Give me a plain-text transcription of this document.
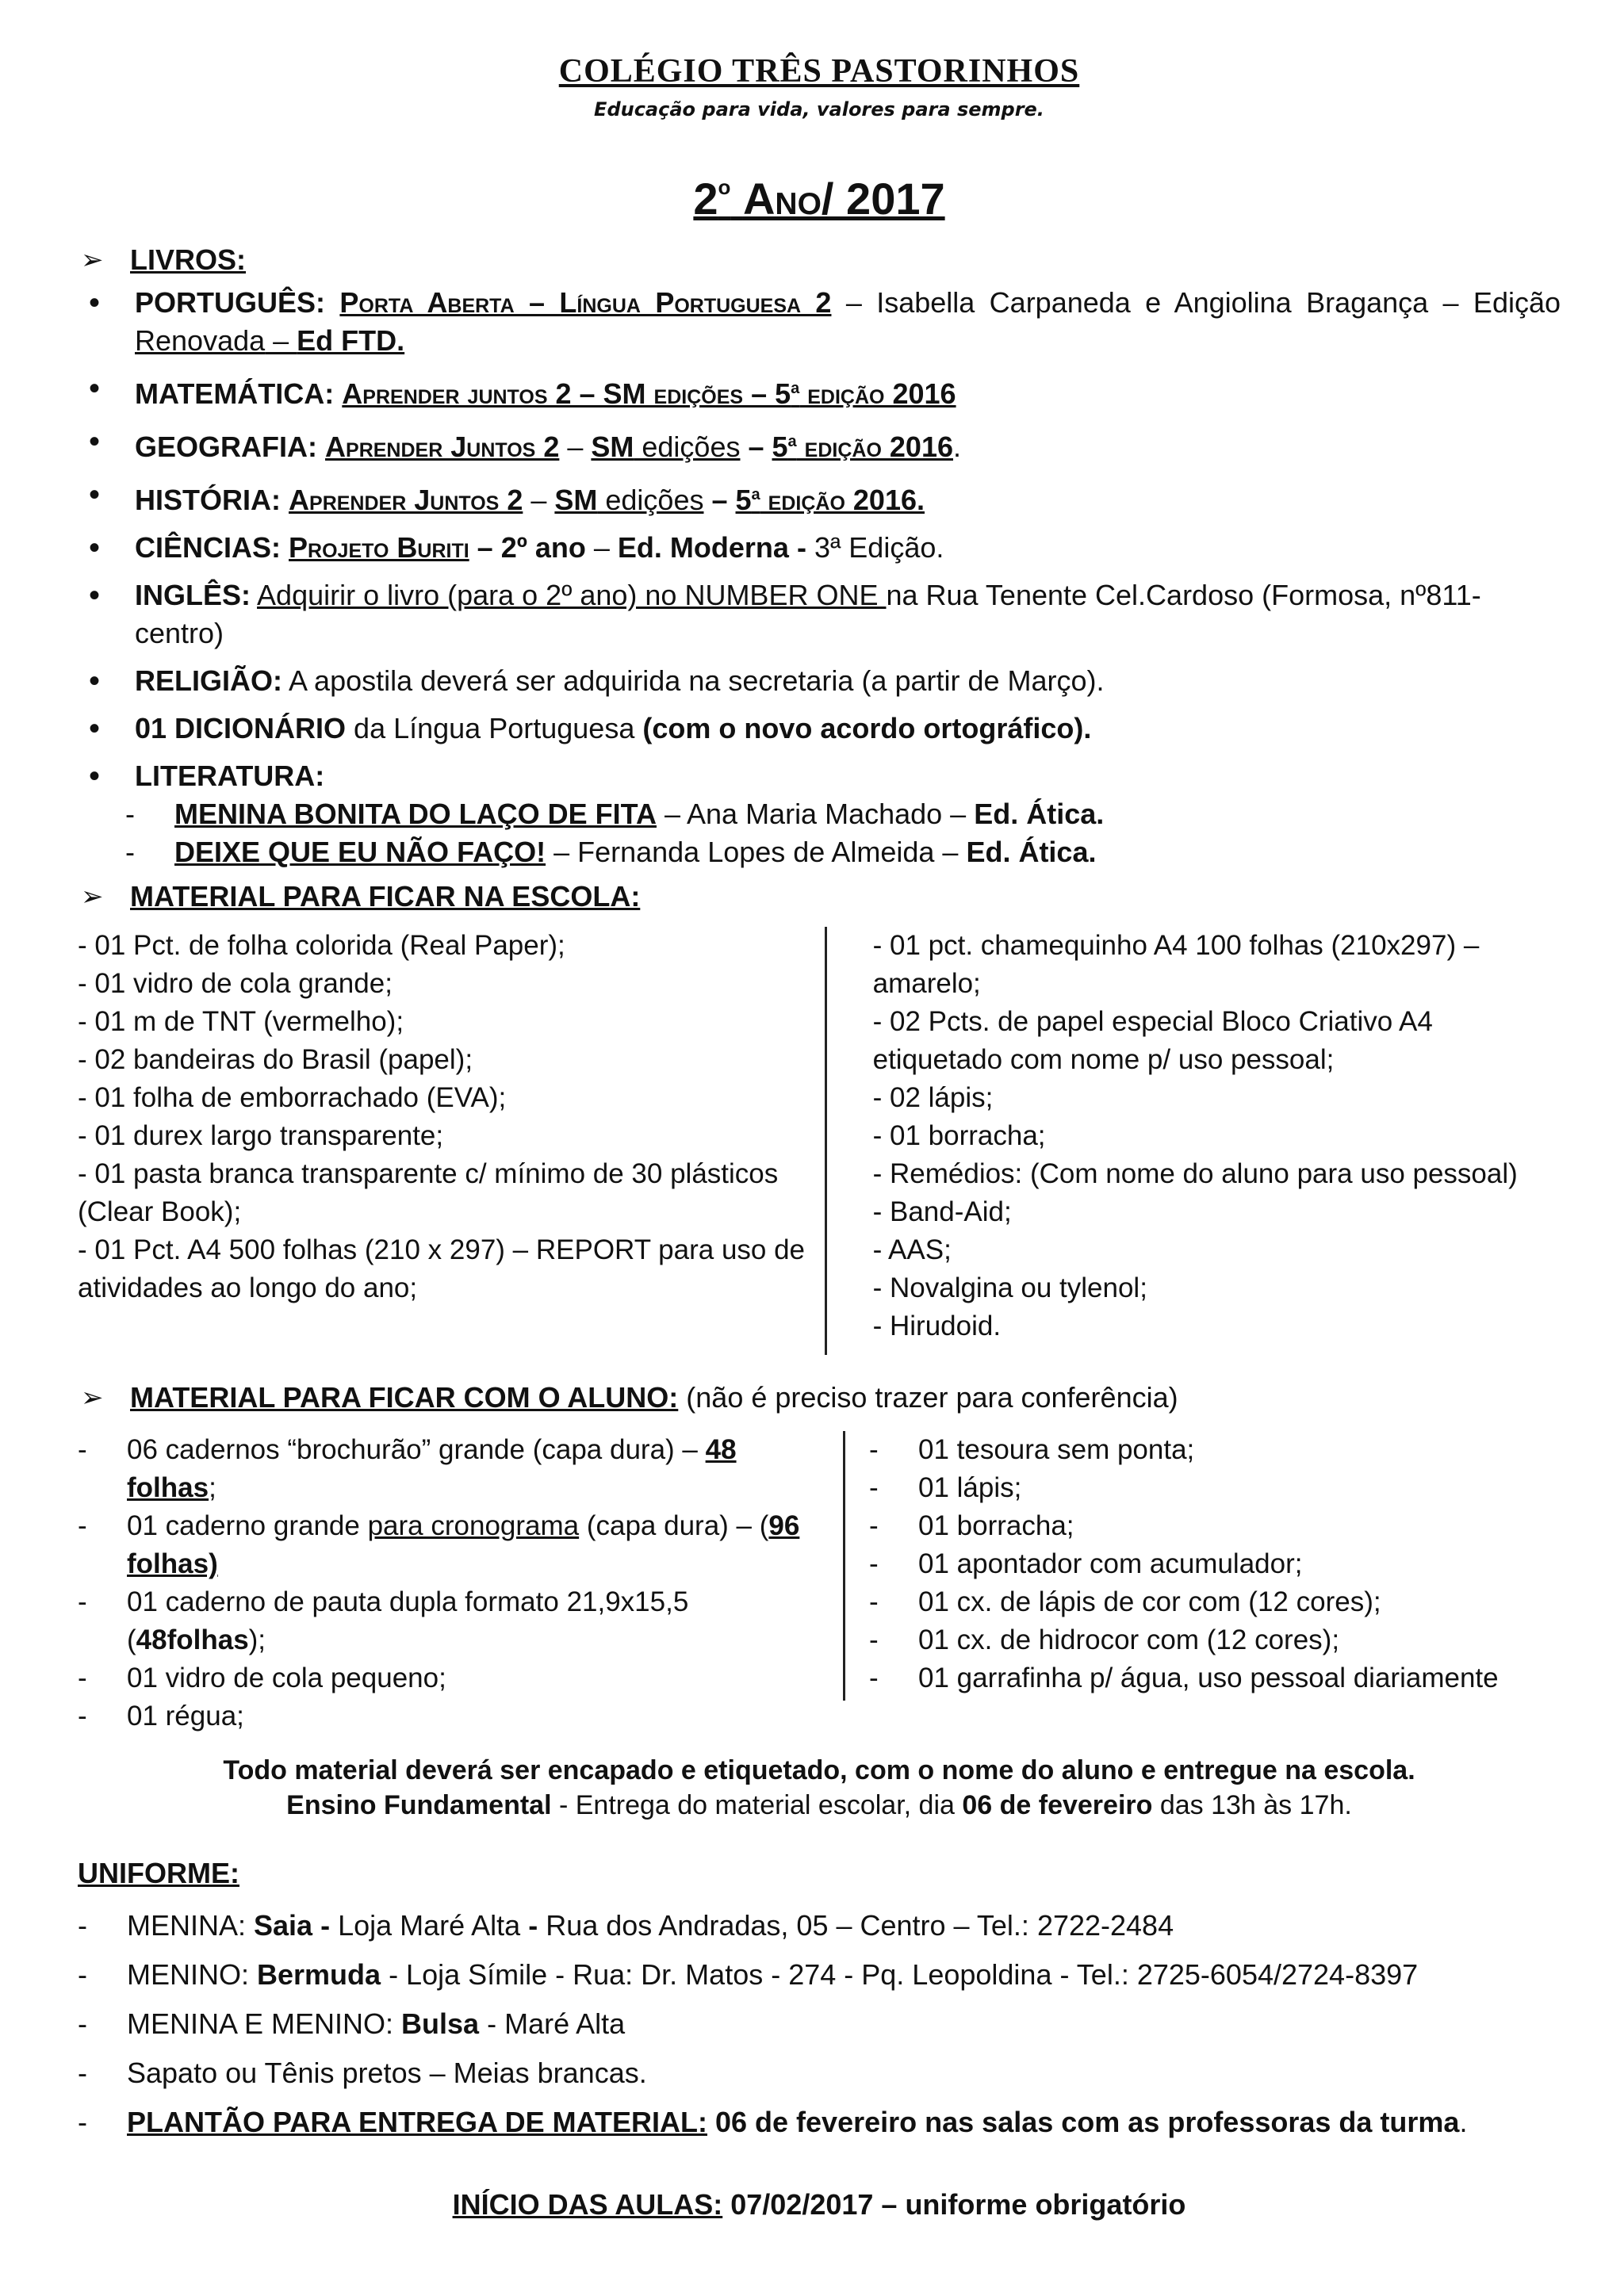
COLÉGIO TRÊS PASTORINHOS
Educação para vida, valores para sempre.
2$^o$ Ano/ 2017
➢ LIVROS:
• PORTUGUÊS: Porta Aberta – Língua Portuguesa 2 – Isabella Carpaneda e Angiolina Bragança – Edição Renovada – Ed FTD.
• MATEMÁTICA: Aprender juntos 2 – SM edições – 5$^a$ edição 2016
• GEOGRAFIA: Aprender Juntos 2 – SM edições – 5$^a$ edição 2016.
• HISTÓRIA: Aprender Juntos 2 – SM edições – 5$^a$ edição 2016.
• CIÊNCIAS: Projeto Buriti – 2º ano – Ed. Moderna - 3ª Edição.
• INGLÊS: Adquirir o livro (para o 2º ano) no NUMBER ONE na Rua Tenente Cel.Cardoso (Formosa, nº811-centro)
• RELIGIÃO: A apostila deverá ser adquirida na secretaria (a partir de Março).
• 01 DICIONÁRIO da Língua Portuguesa (com o novo acordo ortográfico).
• LITERATURA:
-	MENINA BONITA DO LAÇO DE FITA – Ana Maria Machado – Ed. Ática.
-	DEIXE QUE EU NÃO FAÇO! – Fernanda Lopes de Almeida – Ed. Ática.
➢ MATERIAL PARA FICAR NA ESCOLA:
- 01 Pct. de folha colorida (Real Paper);
- 01 vidro de cola grande;
- 01 m de TNT (vermelho);
- 02 bandeiras do Brasil (papel);
- 01 folha de emborrachado (EVA);
- 01 durex largo transparente;
- 01 pasta branca transparente c/ mínimo de 30 plásticos (Clear Book);
- 01 Pct. A4 500 folhas (210 x 297) – REPORT para uso de atividades ao longo do ano;
- 01 pct. chamequinho A4 100 folhas (210x297) – amarelo;
- 02 Pcts. de papel especial Bloco Criativo A4 etiquetado com nome p/ uso pessoal;
- 02 lápis;
- 01 borracha;
- Remédios: (Com nome do aluno para uso pessoal)
- Band-Aid;
- AAS;
- Novalgina ou tylenol;
- Hirudoid.
➢ MATERIAL PARA FICAR COM O ALUNO: (não é preciso trazer para conferência)
-	06 cadernos “brochurão” grande (capa dura) – 48 folhas;
-	01 caderno grande para cronograma (capa dura) – (96 folhas)
-	01 caderno de pauta dupla formato 21,9x15,5 (48folhas);
-	01 vidro de cola pequeno;
-	01 régua;
-	01 tesoura sem ponta;
-	01 lápis;
-	01 borracha;
-	01 apontador com acumulador;
-	01 cx. de lápis de cor com (12 cores);
-	01 cx. de hidrocor com (12 cores);
-	01 garrafinha p/ água, uso pessoal diariamente
Todo material deverá ser encapado e etiquetado, com o nome do aluno e entregue na escola.
Ensino Fundamental - Entrega do material escolar, dia 06 de fevereiro das 13h às 17h.
UNIFORME:
-	MENINA: Saia - Loja Maré Alta - Rua dos Andradas, 05 – Centro – Tel.: 2722-2484
-	MENINO: Bermuda - Loja Símile - Rua: Dr. Matos - 274 - Pq. Leopoldina - Tel.: 2725-6054/2724-8397
-	MENINA E MENINO: Bulsa - Maré Alta
-	Sapato ou Tênis pretos – Meias brancas.
-	PLANTÃO PARA ENTREGA DE MATERIAL: 06 de fevereiro nas salas com as professoras da turma.
INÍCIO DAS AULAS: 07/02/2017 – uniforme obrigatório
